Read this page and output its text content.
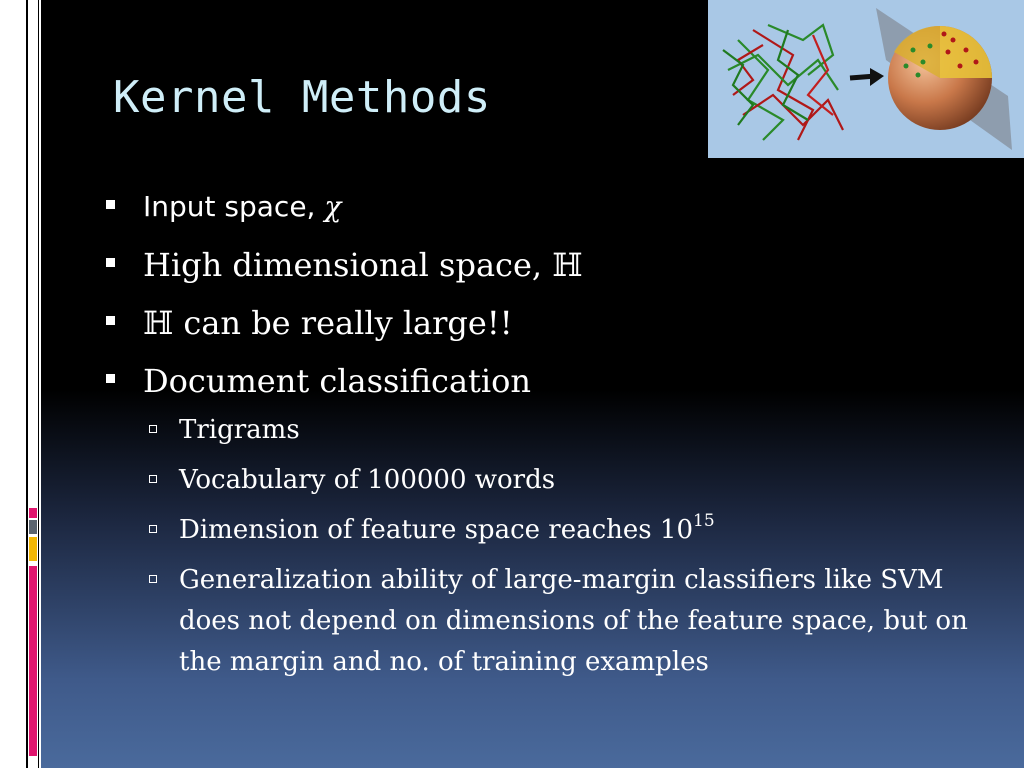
Kernel Methods
Input space, χ
High dimensional space, ℍ
ℍ can be really large!!
Document classification
Trigrams
Vocabulary of 100000 words
Dimension of feature space reaches $10^{15}$
Generalization ability of large-margin classifiers like SVM does not depend on dimensions of the feature space, but on the margin and no. of training examples
